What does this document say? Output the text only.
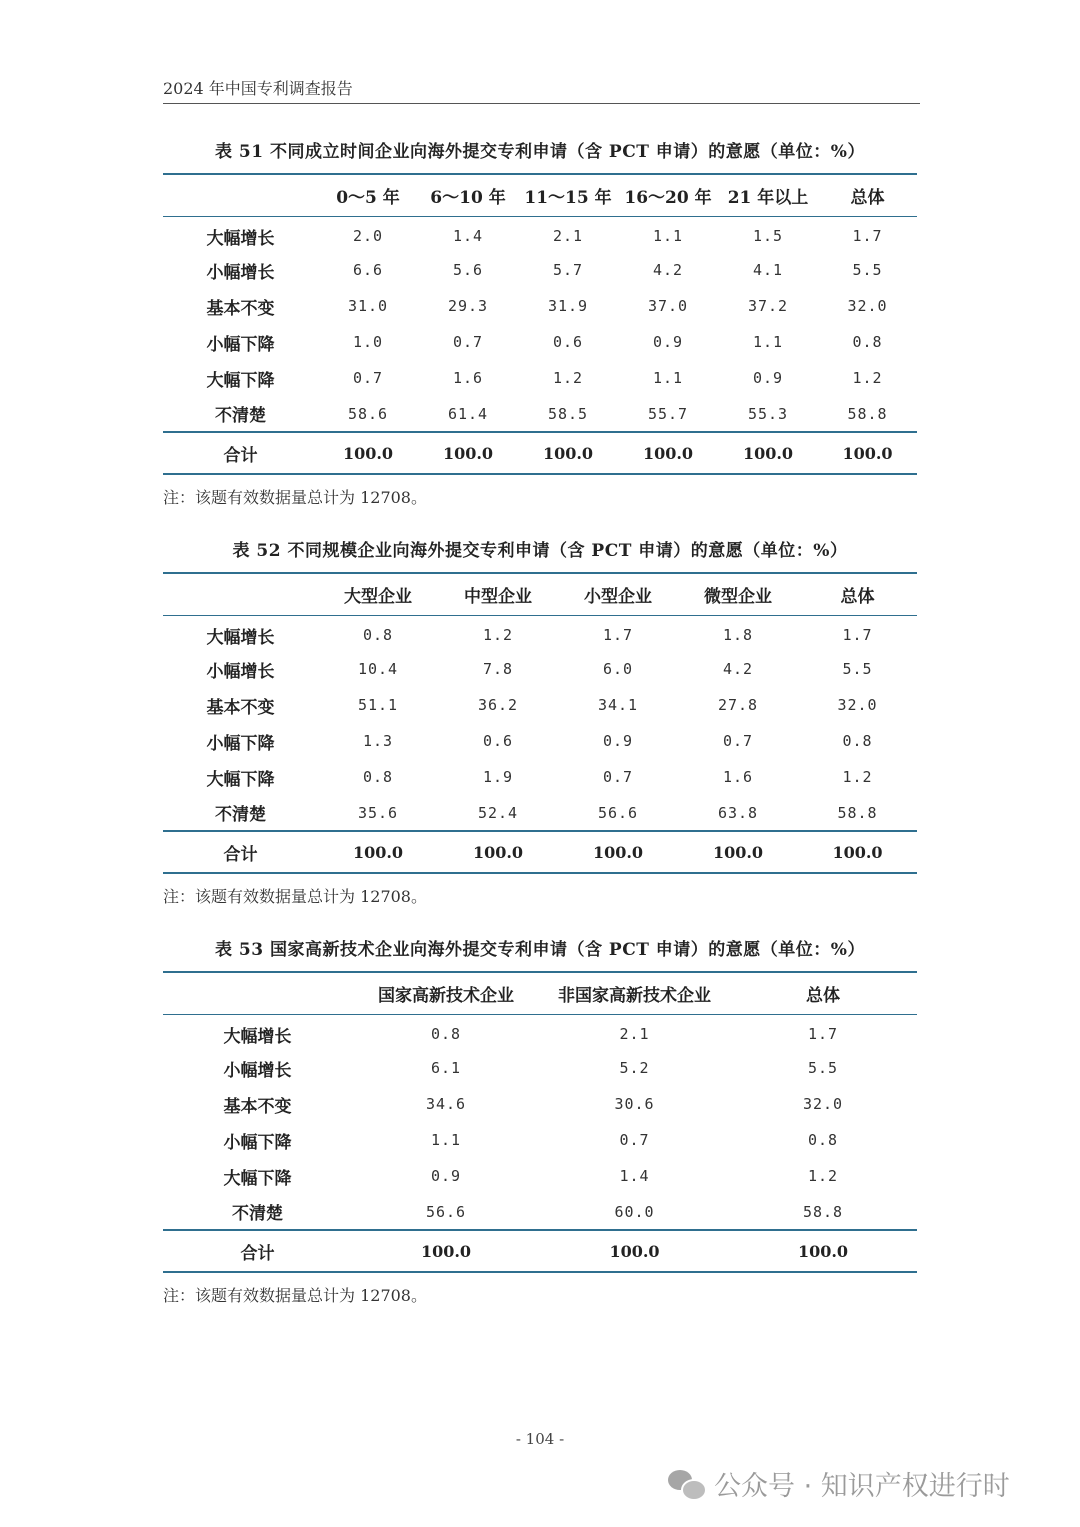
2024 年中国专利调查报告
表 51 不同成立时间企业向海外提交专利申请（含 PCT 申请）的意愿（单位：%）
	0～5 年	6～10 年	11～15 年	16～20 年	21 年以上	总体
大幅增长	2.0	1.4	2.1	1.1	1.5	1.7
小幅增长	6.6	5.6	5.7	4.2	4.1	5.5
基本不变	31.0	29.3	31.9	37.0	37.2	32.0
小幅下降	1.0	0.7	0.6	0.9	1.1	0.8
大幅下降	0.7	1.6	1.2	1.1	0.9	1.2
不清楚	58.6	61.4	58.5	55.7	55.3	58.8
合计	100.0	100.0	100.0	100.0	100.0	100.0
注：该题有效数据量总计为 12708。
表 52 不同规模企业向海外提交专利申请（含 PCT 申请）的意愿（单位：%）
	大型企业	中型企业	小型企业	微型企业	总体
大幅增长	0.8	1.2	1.7	1.8	1.7
小幅增长	10.4	7.8	6.0	4.2	5.5
基本不变	51.1	36.2	34.1	27.8	32.0
小幅下降	1.3	0.6	0.9	0.7	0.8
大幅下降	0.8	1.9	0.7	1.6	1.2
不清楚	35.6	52.4	56.6	63.8	58.8
合计	100.0	100.0	100.0	100.0	100.0
注：该题有效数据量总计为 12708。
表 53 国家高新技术企业向海外提交专利申请（含 PCT 申请）的意愿（单位：%）
	国家高新技术企业	非国家高新技术企业	总体
大幅增长	0.8	2.1	1.7
小幅增长	6.1	5.2	5.5
基本不变	34.6	30.6	32.0
小幅下降	1.1	0.7	0.8
大幅下降	0.9	1.4	1.2
不清楚	56.6	60.0	58.8
合计	100.0	100.0	100.0
注：该题有效数据量总计为 12708。
- 104 -
公众号 · 知识产权进行时
